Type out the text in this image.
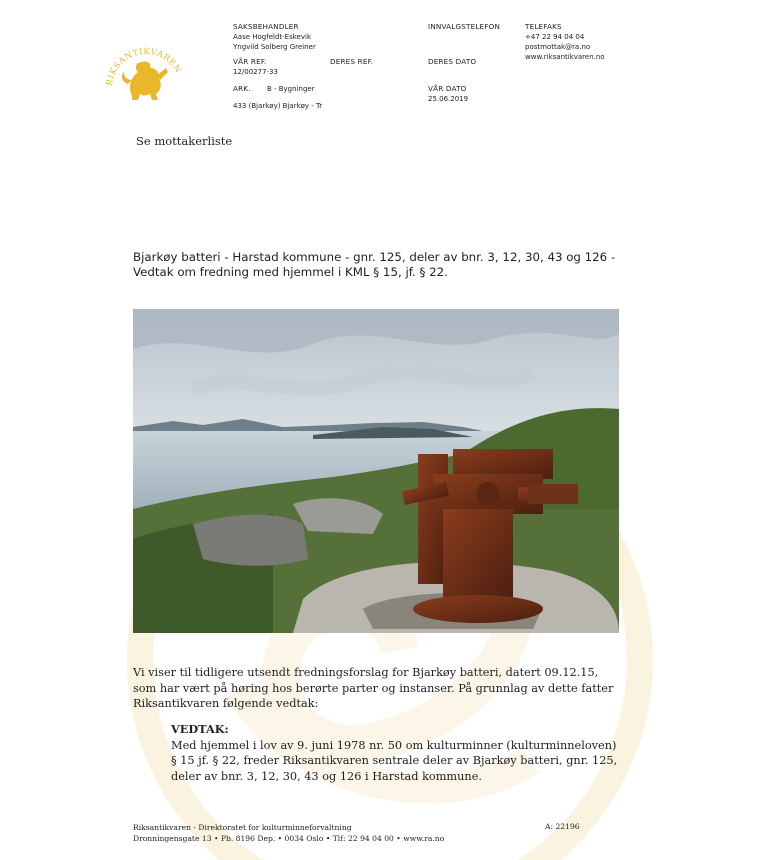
RIKSANTIKVAREN
SAKSBEHANDLER
Aase Hogfeldt-Eskevik
Yngvild Solberg Greiner
INNVALGSTELEFON	TELEFAKS
+47 22 94 04 04
postmottak@ra.no
www.riksantikvaren.no
VÅR REF.
12/00277-33
DERES REF.	DERES DATO
ARK. B - Bygninger	VÅR DATO
25.06.2019
433 (Bjarkøy) Bjarkøy - Tr
Se mottakerliste
Bjarkøy batteri - Harstad kommune - gnr. 125, deler av bnr. 3, 12, 30, 43 og 126 -
Vedtak om fredning med hjemmel i KML § 15, jf. § 22.
Vi viser til tidligere utsendt fredningsforslag for Bjarkøy batteri, datert 09.12.15, som har vært på høring hos berørte parter og instanser. På grunnlag av dette fatter Riksantikvaren følgende vedtak:
VEDTAK:
Med hjemmel i lov av 9. juni 1978 nr. 50 om kulturminner (kulturminneloven) § 15 jf. § 22, freder Riksantikvaren sentrale deler av Bjarkøy batteri, gnr. 125, deler av bnr. 3, 12, 30, 43 og 126 i Harstad kommune.
Riksantikvaren - Direktoratet for kulturminneforvaltning
Dronningensgate 13 • Pb. 8196 Dep. • 0034 Oslo • Tlf: 22 94 04 00 • www.ra.no
A: 22196
